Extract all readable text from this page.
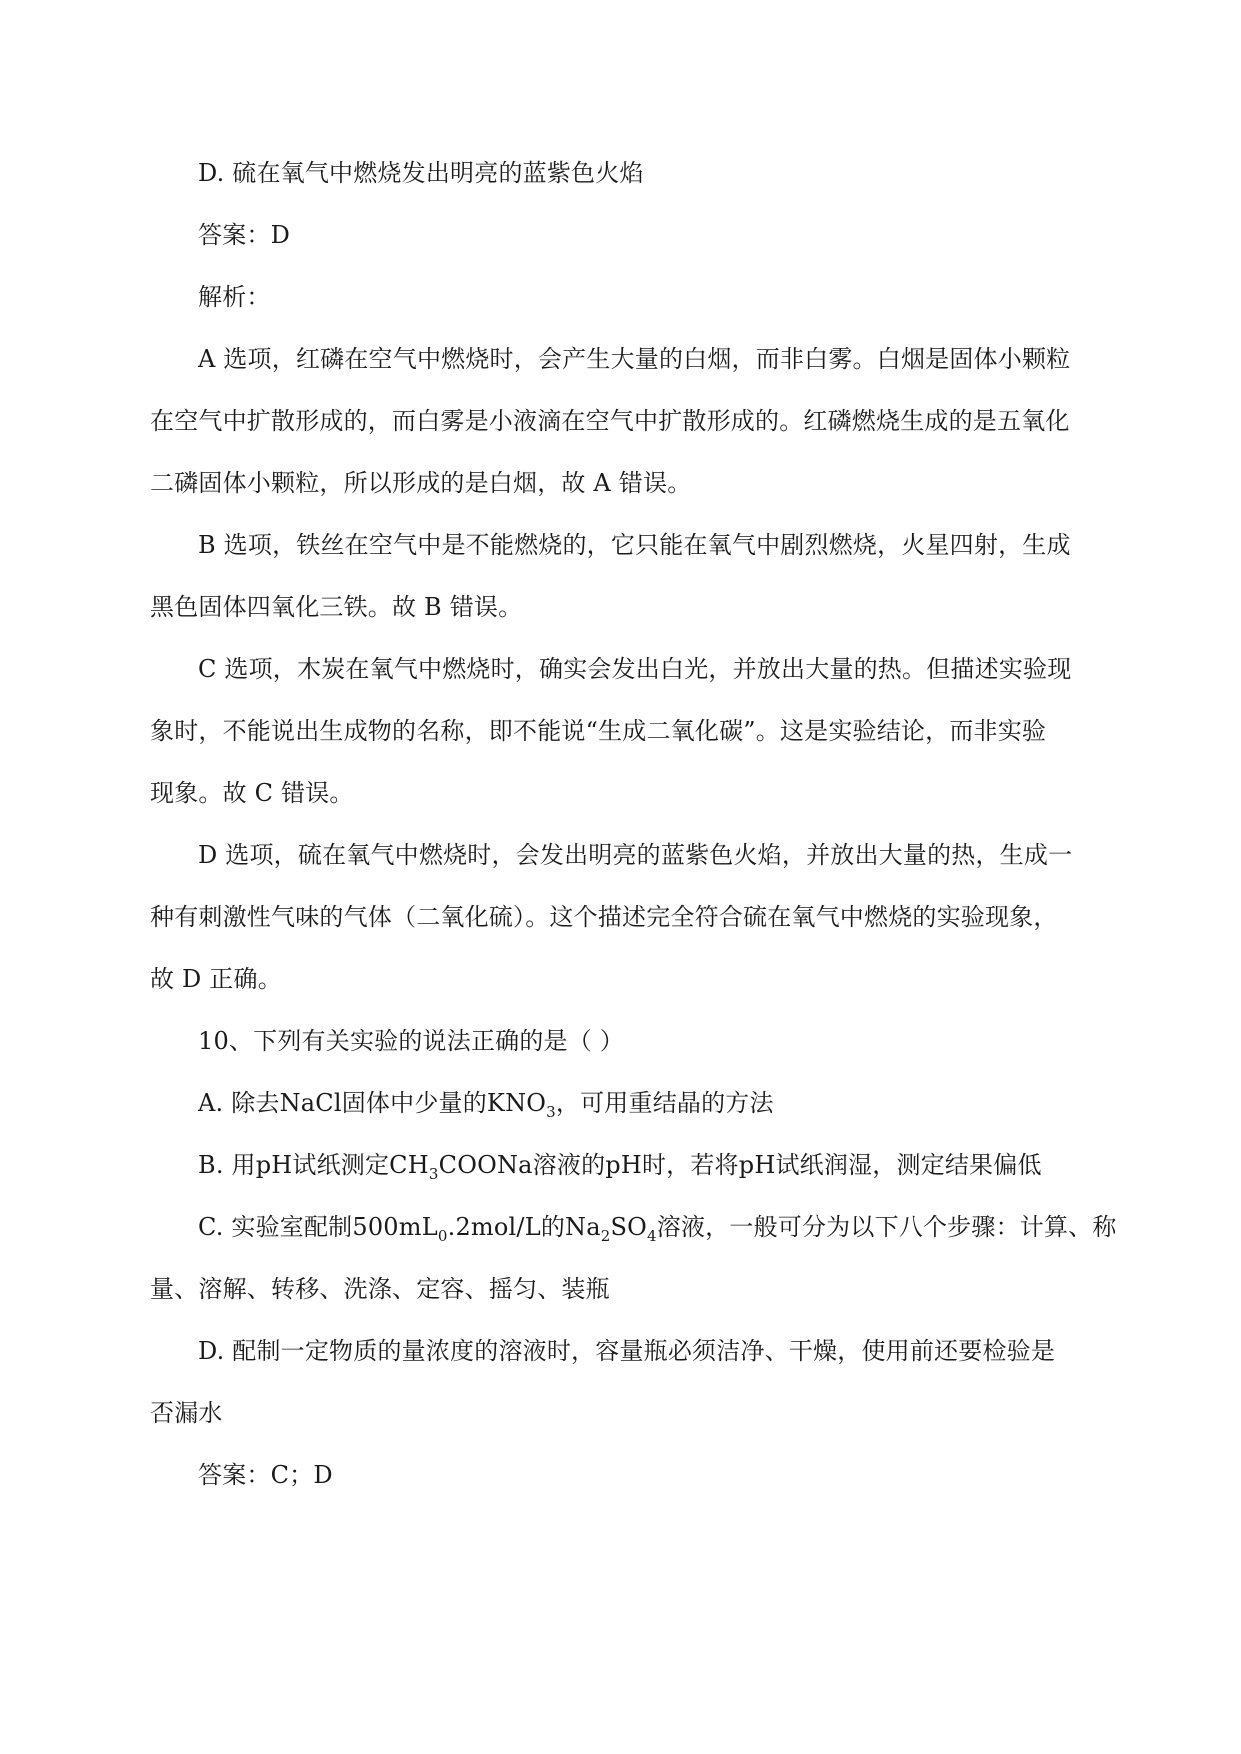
D. 硫在氧气中燃烧发出明亮的蓝紫色火焰
答案：D
解析：
A 选项，红磷在空气中燃烧时，会产生大量的白烟，而非白雾。白烟是固体小颗粒
在空气中扩散形成的，而白雾是小液滴在空气中扩散形成的。红磷燃烧生成的是五氧化
二磷固体小颗粒，所以形成的是白烟，故 A 错误。
B 选项，铁丝在空气中是不能燃烧的，它只能在氧气中剧烈燃烧，火星四射，生成
黑色固体四氧化三铁。故 B 错误。
C 选项，木炭在氧气中燃烧时，确实会发出白光，并放出大量的热。但描述实验现
象时，不能说出生成物的名称，即不能说“生成二氧化碳”。这是实验结论，而非实验
现象。故 C 错误。
D 选项，硫在氧气中燃烧时，会发出明亮的蓝紫色火焰，并放出大量的热，生成一
种有刺激性气味的气体（二氧化硫）。这个描述完全符合硫在氧气中燃烧的实验现象，
故 D 正确。
10、下列有关实验的说法正确的是（ ）
A. 除去NaCl固体中少量的$KNO_3$，可用重结晶的方法
B. 用pH试纸测定$CH_3COONa$溶液的pH时，若将pH试纸润湿，测定结果偏低
C. 实验室配制$500mL_0.2mol/L$的$Na_2SO_4$溶液，一般可分为以下八个步骤：计算、称
量、溶解、转移、洗涤、定容、摇匀、装瓶
D. 配制一定物质的量浓度的溶液时，容量瓶必须洁净、干燥，使用前还要检验是
否漏水
答案：C；D
